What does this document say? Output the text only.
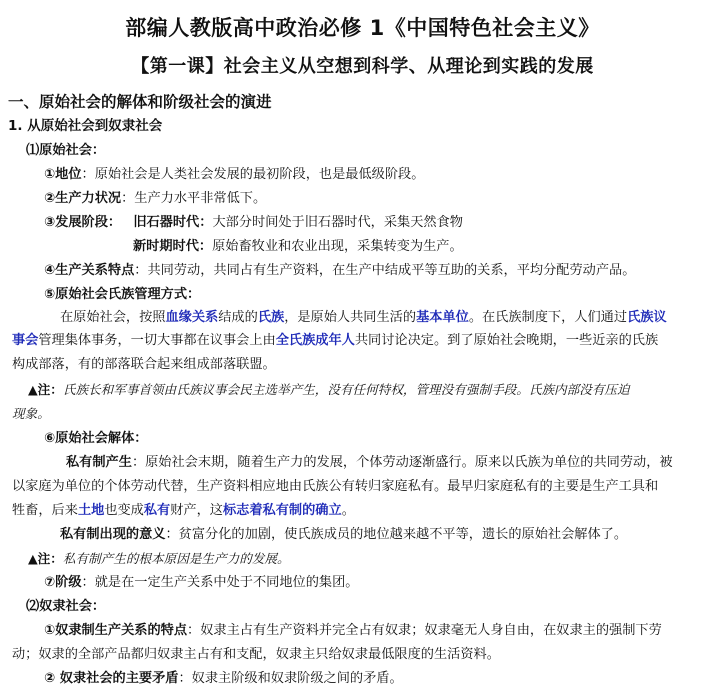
部编人教版高中政治必修 1《中国特色社会主义》
【第一课】社会主义从空想到科学、从理论到实践的发展
一、原始社会的解体和阶级社会的演进
1. 从原始社会到奴隶社会
⑴原始社会：
①地位：原始社会是人类社会发展的最初阶段，也是最低级阶段。
②生产力状况：生产力水平非常低下。
③发展阶段： 旧石器时代：大部分时间处于旧石器时代，采集天然食物
新时期时代：原始畜牧业和农业出现，采集转变为生产。
④生产关系特点：共同劳动，共同占有生产资料，在生产中结成平等互助的关系，平均分配劳动产品。
⑤原始社会氏族管理方式：
在原始社会，按照血缘关系结成的氏族，是原始人共同生活的基本单位。在氏族制度下，人们通过氏族议
事会管理集体事务，一切大事都在议事会上由全氏族成年人共同讨论决定。到了原始社会晚期，一些近亲的氏族
构成部落，有的部落联合起来组成部落联盟。
▲注：氏族长和军事首领由氏族议事会民主选举产生，没有任何特权，管理没有强制手段。氏族内部没有压迫
现象。
⑥原始社会解体：
私有制产生：原始社会末期，随着生产力的发展，个体劳动逐渐盛行。原来以氏族为单位的共同劳动，被
以家庭为单位的个体劳动代替，生产资料相应地由氏族公有转归家庭私有。最早归家庭私有的主要是生产工具和
牲畜，后来土地也变成私有财产，这标志着私有制的确立。
私有制出现的意义：贫富分化的加剧，使氏族成员的地位越来越不平等，遗长的原始社会解体了。
▲注：私有制产生的根本原因是生产力的发展。
⑦阶级：就是在一定生产关系中处于不同地位的集团。
⑵奴隶社会：
①奴隶制生产关系的特点：奴隶主占有生产资料并完全占有奴隶；奴隶毫无人身自由，在奴隶主的强制下劳
动；奴隶的全部产品都归奴隶主占有和支配，奴隶主只给奴隶最低限度的生活资料。
② 奴隶社会的主要矛盾：奴隶主阶级和奴隶阶级之间的矛盾。
